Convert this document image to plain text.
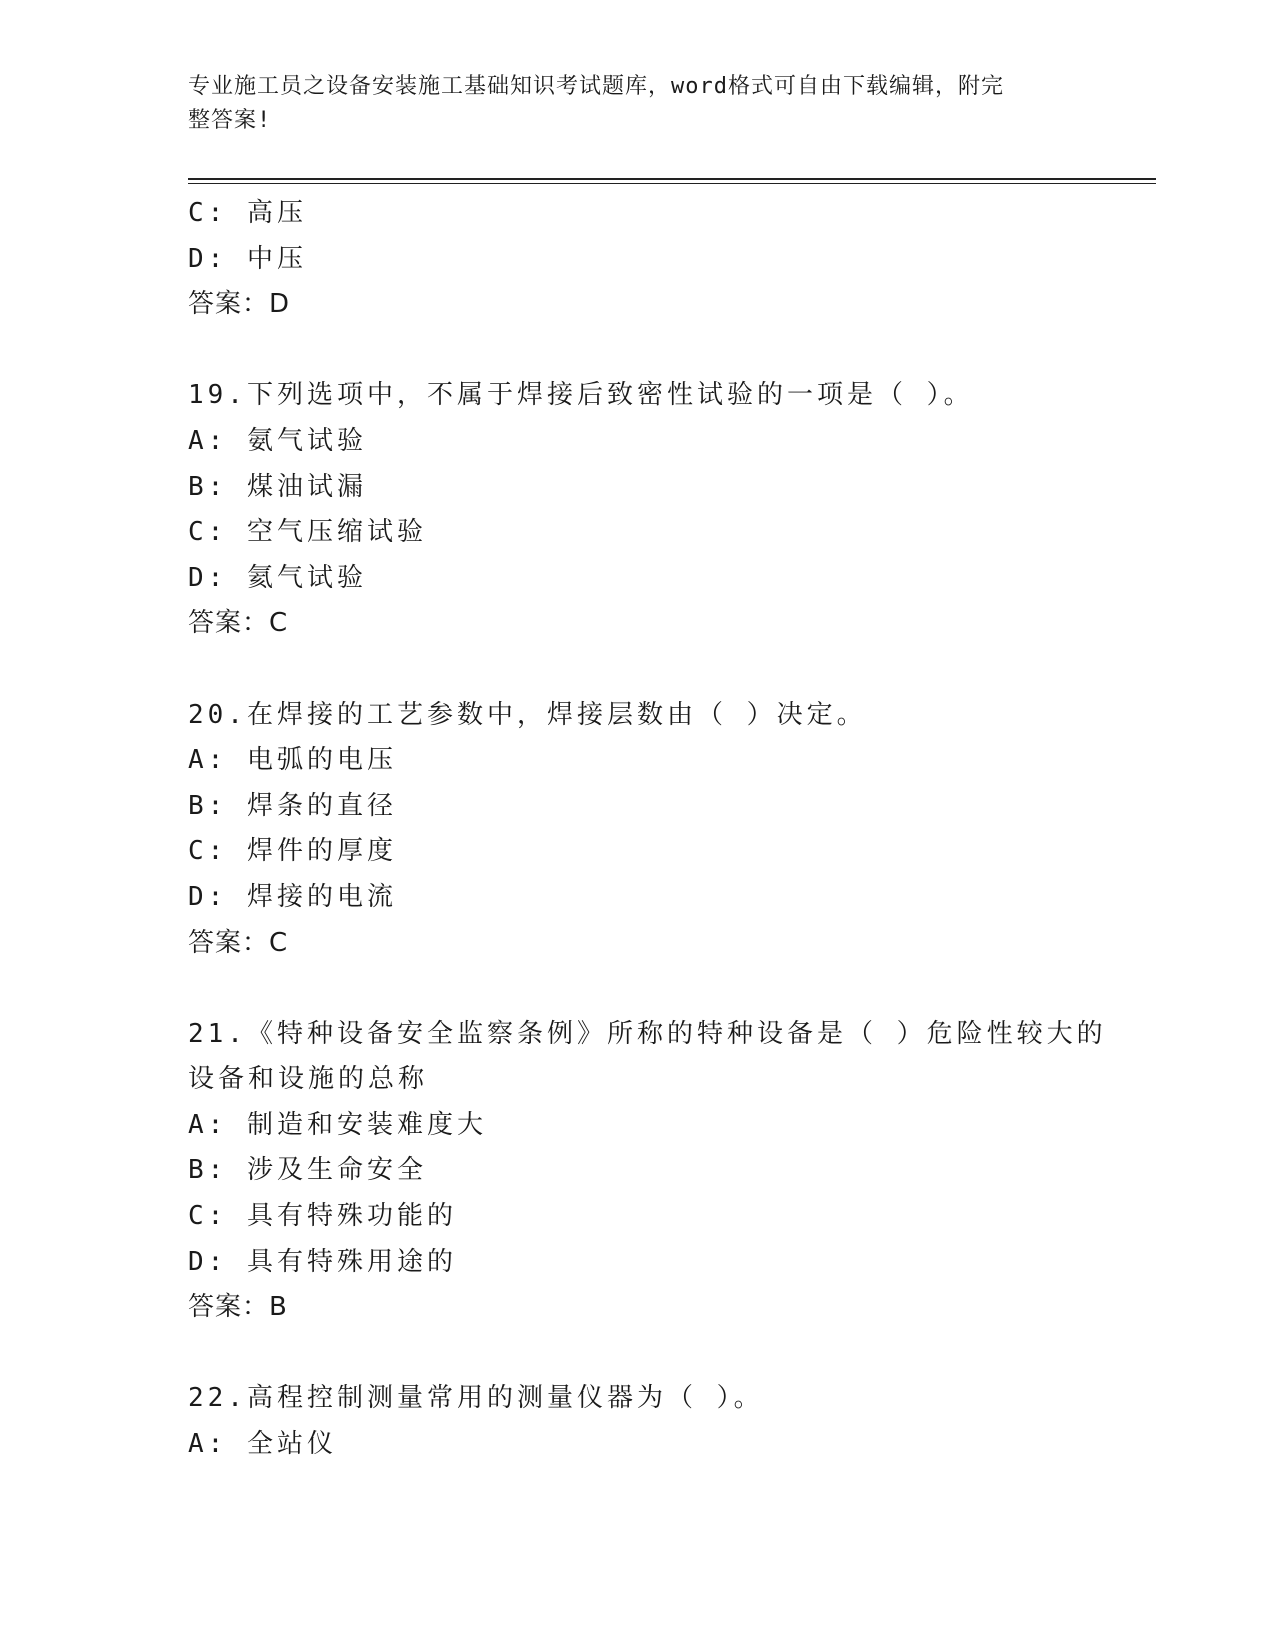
专业施工员之设备安装施工基础知识考试题库，word格式可自由下载编辑，附完
整答案!
C: 高压
D: 中压
答案：D
19.下列选项中，不属于焊接后致密性试验的一项是（ ）。
A: 氨气试验
B: 煤油试漏
C: 空气压缩试验
D: 氦气试验
答案：C
20.在焊接的工艺参数中，焊接层数由（ ）决定。
A: 电弧的电压
B: 焊条的直径
C: 焊件的厚度
D: 焊接的电流
答案：C
21.《特种设备安全监察条例》所称的特种设备是（ ）危险性较大的
设备和设施的总称
A: 制造和安装难度大
B: 涉及生命安全
C: 具有特殊功能的
D: 具有特殊用途的
答案：B
22.高程控制测量常用的测量仪器为（ ）。
A: 全站仪
